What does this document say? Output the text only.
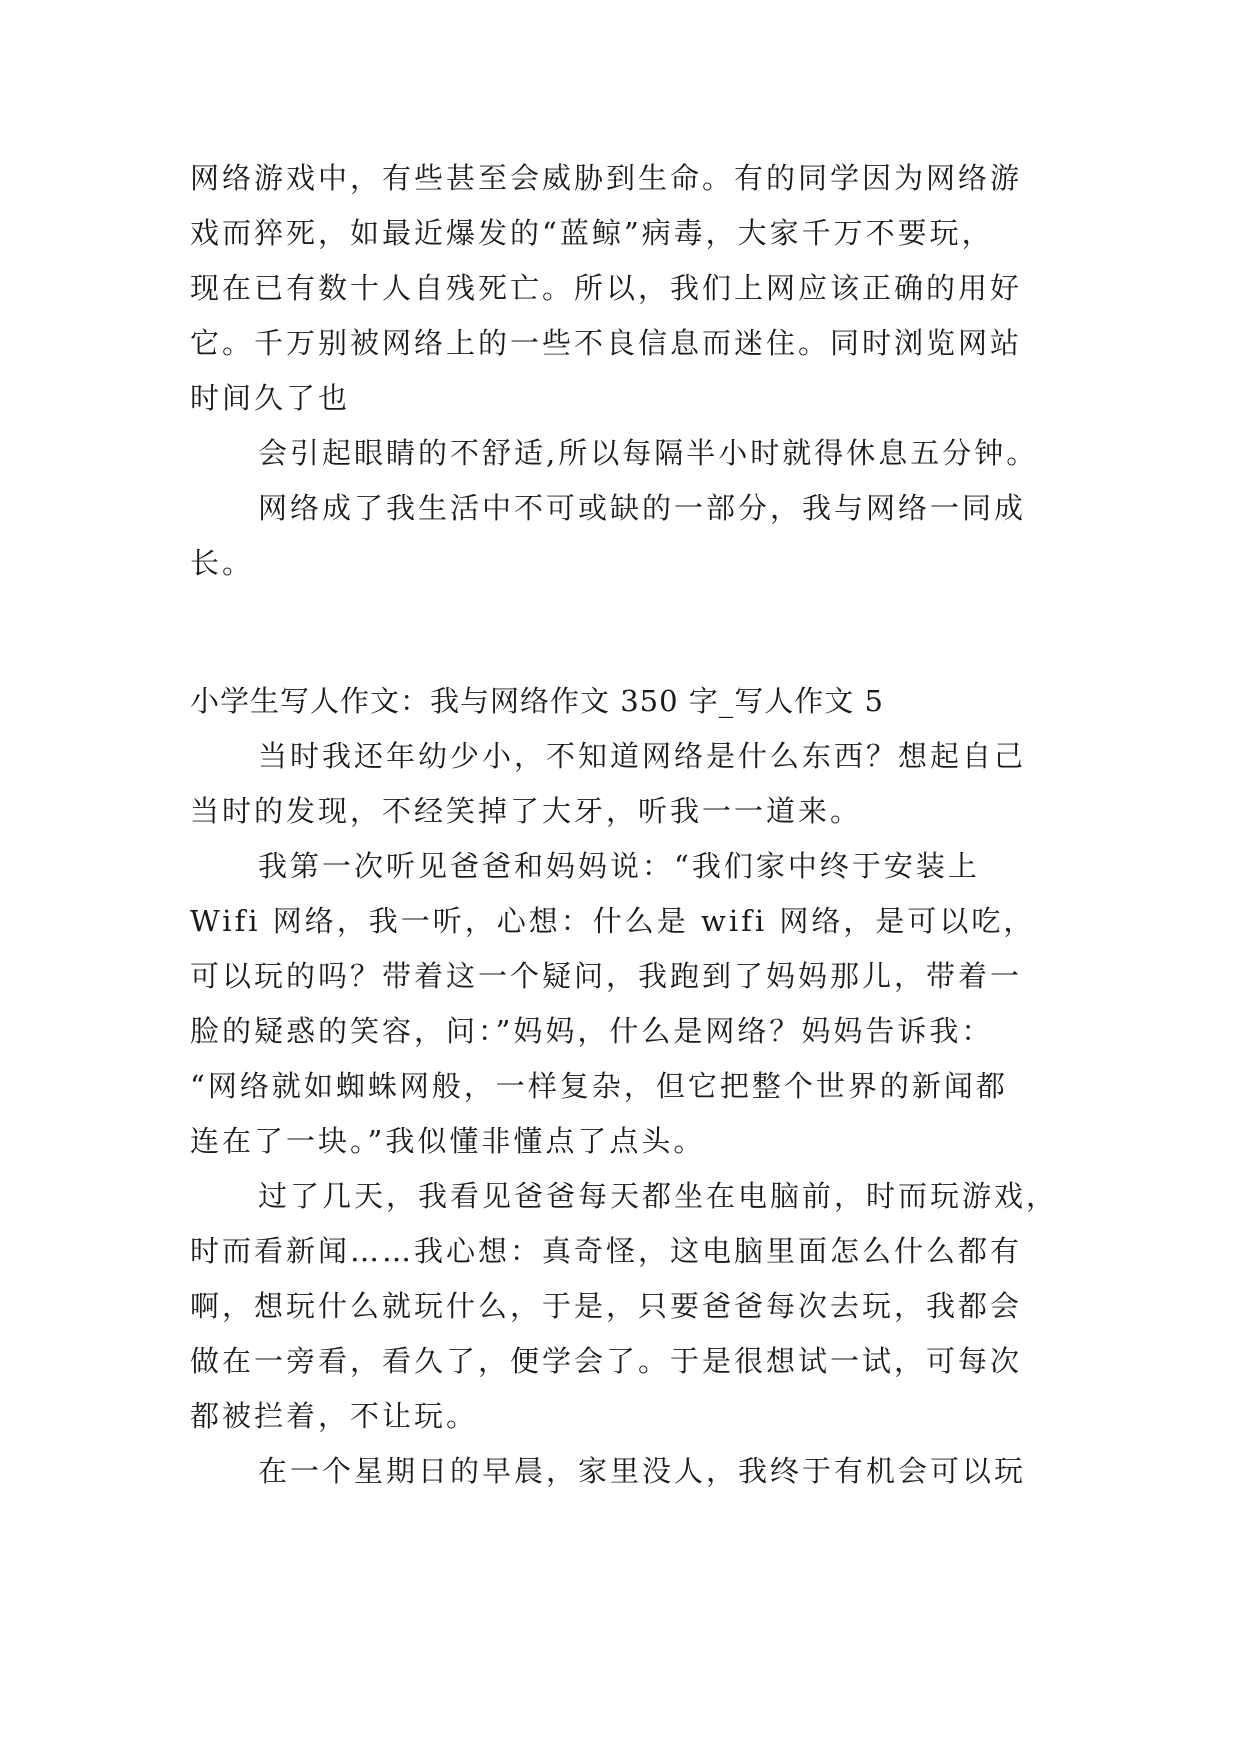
网络游戏中，有些甚至会威胁到生命。有的同学因为网络游
戏而猝死，如最近爆发的“蓝鲸”病毒，大家千万不要玩，
现在已有数十人自残死亡。所以，我们上网应该正确的用好
它。千万别被网络上的一些不良信息而迷住。同时浏览网站
时间久了也
会引起眼睛的不舒适,所以每隔半小时就得休息五分钟。
网络成了我生活中不可或缺的一部分，我与网络一同成
长。
小学生写人作文：我与网络作文 350 字_写人作文 5
当时我还年幼少小，不知道网络是什么东西？想起自己
当时的发现，不经笑掉了大牙，听我一一道来。
我第一次听见爸爸和妈妈说：“我们家中终于安装上
Wifi 网络，我一听，心想：什么是 wifi 网络，是可以吃，
可以玩的吗？带着这一个疑问，我跑到了妈妈那儿，带着一
脸的疑惑的笑容，问：”妈妈，什么是网络？妈妈告诉我：
“网络就如蜘蛛网般，一样复杂，但它把整个世界的新闻都
连在了一块。”我似懂非懂点了点头。
过了几天，我看见爸爸每天都坐在电脑前，时而玩游戏，
时而看新闻……我心想：真奇怪，这电脑里面怎么什么都有
啊，想玩什么就玩什么，于是，只要爸爸每次去玩，我都会
做在一旁看，看久了，便学会了。于是很想试一试，可每次
都被拦着，不让玩。
在一个星期日的早晨，家里没人，我终于有机会可以玩
